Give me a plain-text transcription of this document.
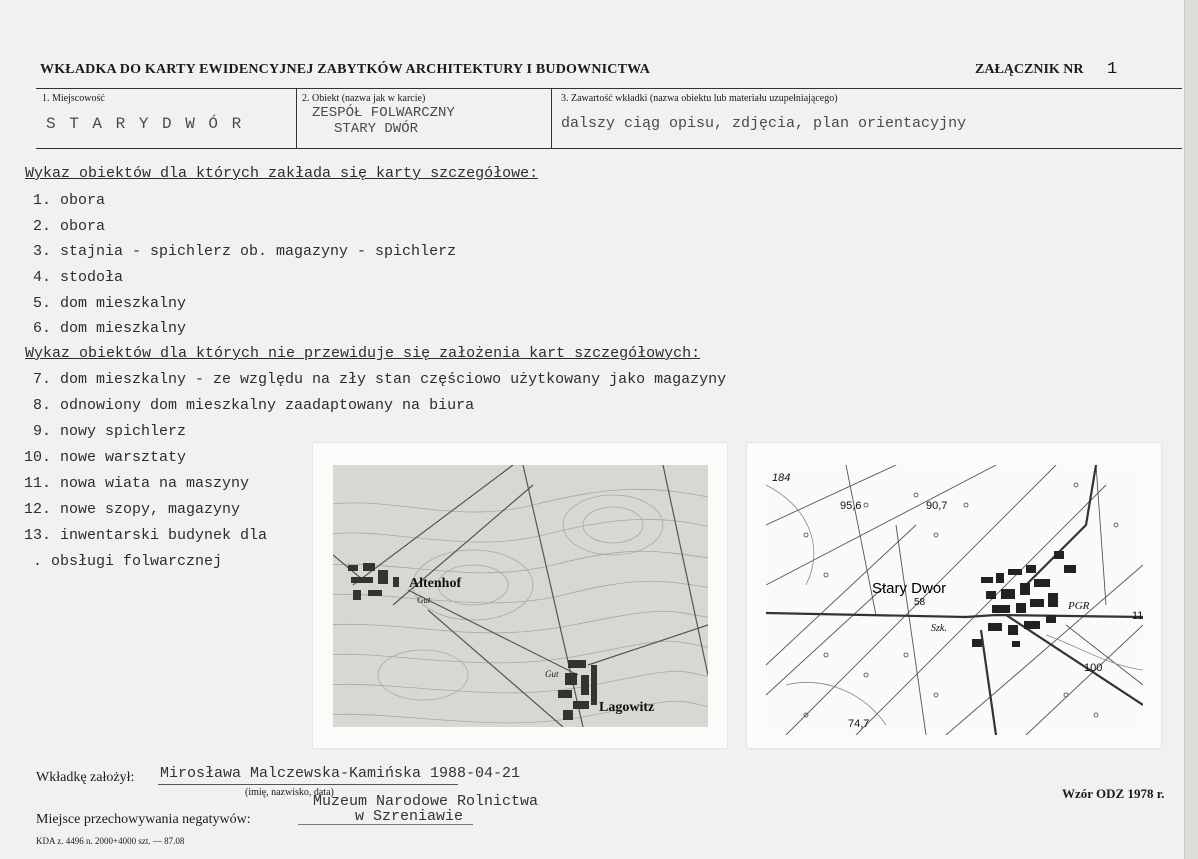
WKŁADKA DO KARTY EWIDENCYJNEJ ZABYTKÓW ARCHITEKTURY I BUDOWNICTWA	ZAŁĄCZNIK NR 1
1. Miejscowość
S T A R Y D W Ó R
2. Obiekt (nazwa jak w karcie)
ZESPÓŁ FOLWARCZNY
STARY DWÓR
3. Zawartość wkładki (nazwa obiektu lub materiału uzupełniającego)
dalszy ciąg opisu, zdjęcia, plan orientacyjny
Wykaz obiektów dla których zakłada się karty szczegółowe:
1. obora
2. obora
3. stajnia - spichlerz ob. magazyny - spichlerz
4. stodoła
5. dom mieszkalny
6. dom mieszkalny
Wykaz obiektów dla których nie przewiduje się założenia kart szczegółowych:
7. dom mieszkalny - ze względu na zły stan częściowo użytkowany jako magazyny
8. odnowiony dom mieszkalny zaadaptowany na biura
9. nowy spichlerz
10. nowe warsztaty
11. nowa wiata na maszyny
12. nowe szopy, magazyny
13. inwentarski budynek dla
. obsługi folwarcznej
Altenhof
Gut
Gut
Lagowitz
184
95,6	90,7
Stary Dwor
58	PGR
Szk.
100
74,7
11
Wkładkę założył: Mirosława Malczewska-Kamińska 1988-04-21
(imię, nazwisko, data)
Muzeum Narodowe Rolnictwa
Miejsce przechowywania negatywów:	w Szreniawie
KDA z. 4496 n. 2000+4000 szt. — 87.08
Wzór ODZ 1978 r.
